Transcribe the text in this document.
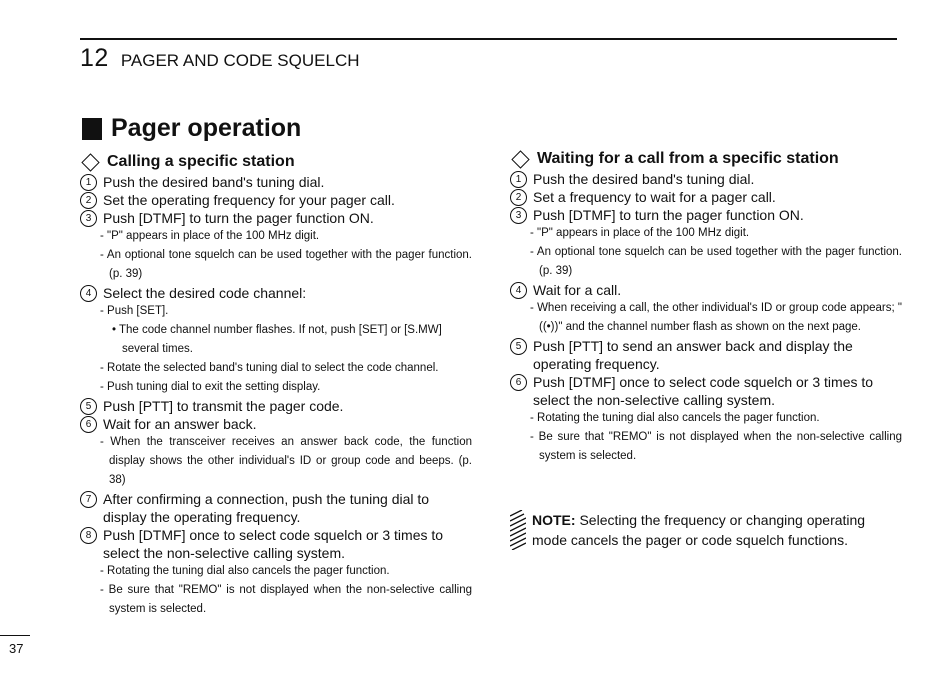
12 PAGER AND CODE SQUELCH
Pager operation
Calling a specific station
1 Push the desired band's tuning dial.
2 Set the operating frequency for your pager call.
3 Push [DTMF] to turn the pager function ON.
- "P" appears in place of the 100 MHz digit.
- An optional tone squelch can be used together with the pager function. (p. 39)
4 Select the desired code channel:
- Push [SET].
• The code channel number flashes. If not, push [SET] or [S.MW] several times.
- Rotate the selected band's tuning dial to select the code channel.
- Push tuning dial to exit the setting display.
5 Push [PTT] to transmit the pager code.
6 Wait for an answer back.
- When the transceiver receives an answer back code, the function display shows the other individual's ID or group code and beeps. (p. 38)
7 After confirming a connection, push the tuning dial to display the operating frequency.
8 Push [DTMF] once to select code squelch or 3 times to select the non-selective calling system.
- Rotating the tuning dial also cancels the pager function.
- Be sure that "REMO" is not displayed when the non-selective calling system is selected.
Waiting for a call from a specific station
1 Push the desired band's tuning dial.
2 Set a frequency to wait for a pager call.
3 Push [DTMF] to turn the pager function ON.
- "P" appears in place of the 100 MHz digit.
- An optional tone squelch can be used together with the pager function. (p. 39)
4 Wait for a call.
- When receiving a call, the other individual's ID or group code appears; "((•))" and the channel number flash as shown on the next page.
5 Push [PTT] to send an answer back and display the operating frequency.
6 Push [DTMF] once to select code squelch or 3 times to select the non-selective calling system.
- Rotating the tuning dial also cancels the pager function.
- Be sure that "REMO" is not displayed when the non-selective calling system is selected.
NOTE: Selecting the frequency or changing operating mode cancels the pager or code squelch functions.
37
